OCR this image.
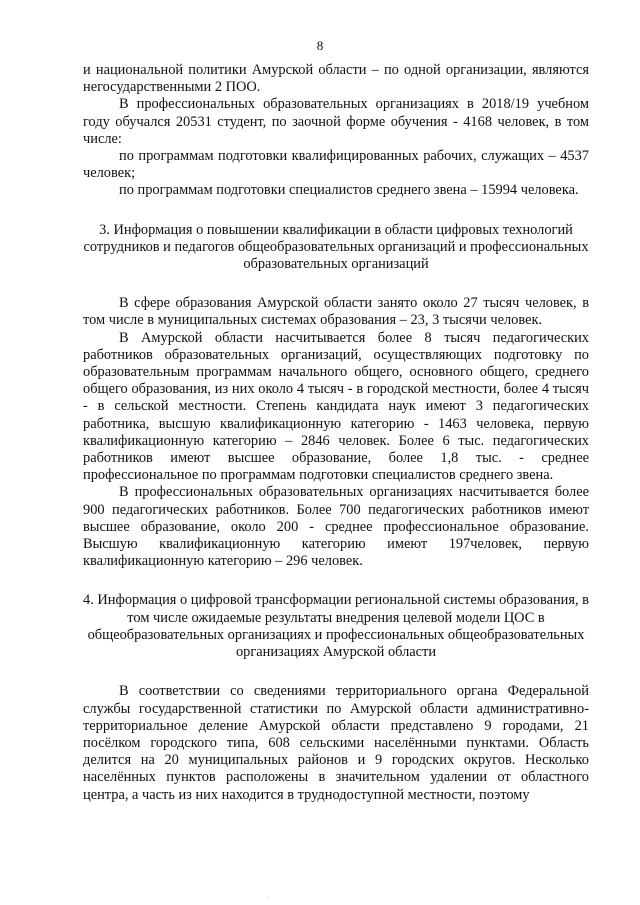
8

и национальной политики Амурской области – по одной организации, являются негосударственными 2 ПОО.

В профессиональных образовательных организациях в 2018/19 учебном году обучался 20531 студент, по заочной форме обучения - 4168 человек, в том числе:

по программам подготовки квалифицированных рабочих, служащих – 4537 человек;

по программам подготовки специалистов среднего звена – 15994 человека.

3. Информация о повышении квалификации в области цифровых технологий сотрудников и педагогов общеобразовательных организаций и профессиональных образовательных организаций

В сфере образования Амурской области занято около 27 тысяч человек, в том числе в муниципальных системах образования – 23, 3 тысячи человек.

В Амурской области насчитывается более 8 тысяч педагогических работников образовательных организаций, осуществляющих подготовку по образовательным программам начального общего, основного общего, среднего общего образования, из них около 4 тысяч - в городской местности, более 4 тысяч - в сельской местности. Степень кандидата наук имеют 3 педагогических работника, высшую квалификационную категорию - 1463 человека, первую квалификационную категорию – 2846 человек. Более 6 тыс. педагогических работников имеют высшее образование, более 1,8 тыс. - среднее профессиональное по программам подготовки специалистов среднего звена.

В профессиональных образовательных организациях насчитывается более 900 педагогических работников. Более 700 педагогических работников имеют высшее образование, около 200 - среднее профессиональное образование. Высшую квалификационную категорию имеют 197человек, первую квалификационную категорию – 296 человек.

4. Информация о цифровой трансформации региональной системы образования, в том числе ожидаемые результаты внедрения целевой модели ЦОС в общеобразовательных организациях и профессиональных общеобразовательных организациях Амурской области

В соответствии со сведениями территориального органа Федеральной службы государственной статистики по Амурской области административно-территориальное деление Амурской области представлено 9 городами, 21 посёлком городского типа, 608 сельскими населёнными пунктами. Область делится на 20 муниципальных районов и 9 городских округов. Несколько населённых пунктов расположены в значительном удалении от областного центра, а часть из них находится в труднодоступной местности, поэтому

·
